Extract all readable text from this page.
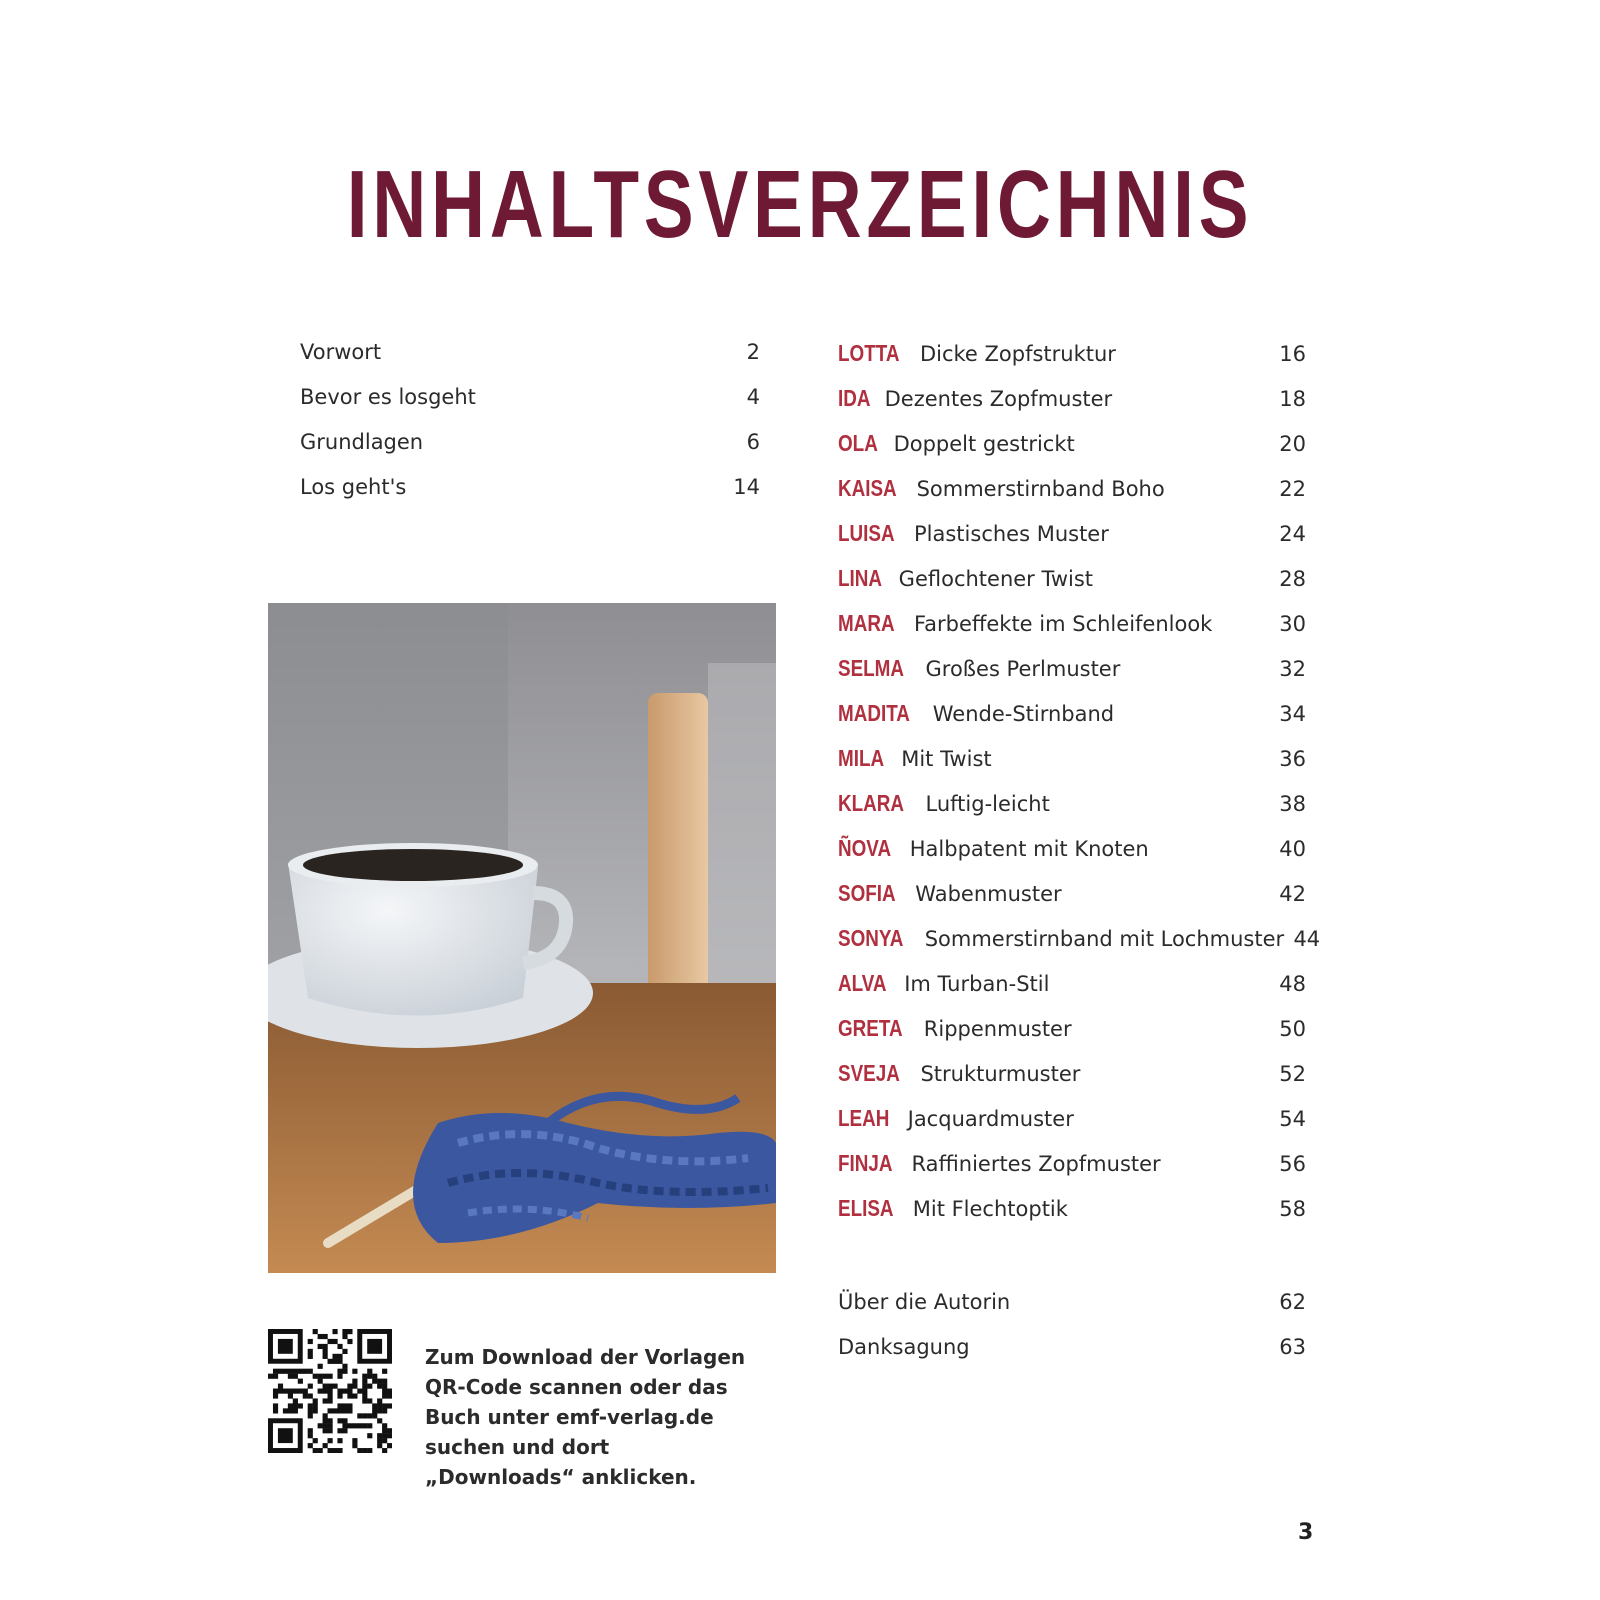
INHALTSVERZEICHNIS
Vorwort	2
Bevor es losgeht	4
Grundlagen	6
Los geht's	14
LOTTA Dicke Zopfstruktur	16
IDA Dezentes Zopfmuster	18
OLA Doppelt gestrickt	20
KAISA Sommerstirnband Boho	22
LUISA Plastisches Muster	24
LINA Geflochtener Twist	28
MARA Farbeffekte im Schleifenlook	30
SELMA Großes Perlmuster	32
MADITA Wende-Stirnband	34
MILA Mit Twist	36
KLARA Luftig-leicht	38
ÑOVA Halbpatent mit Knoten	40
SOFIA Wabenmuster	42
SONYA Sommerstirnband mit Lochmuster 44
ALVA Im Turban-Stil	48
GRETA Rippenmuster	50
SVEJA Strukturmuster	52
LEAH Jacquardmuster	54
FINJA Raffiniertes Zopfmuster	56
ELISA Mit Flechtoptik	58
Zum Download der Vorlagen QR-Code scannen oder das Buch unter emf-verlag.de suchen und dort „Downloads“ anklicken.
Über die Autorin	62
Danksagung	63
3
